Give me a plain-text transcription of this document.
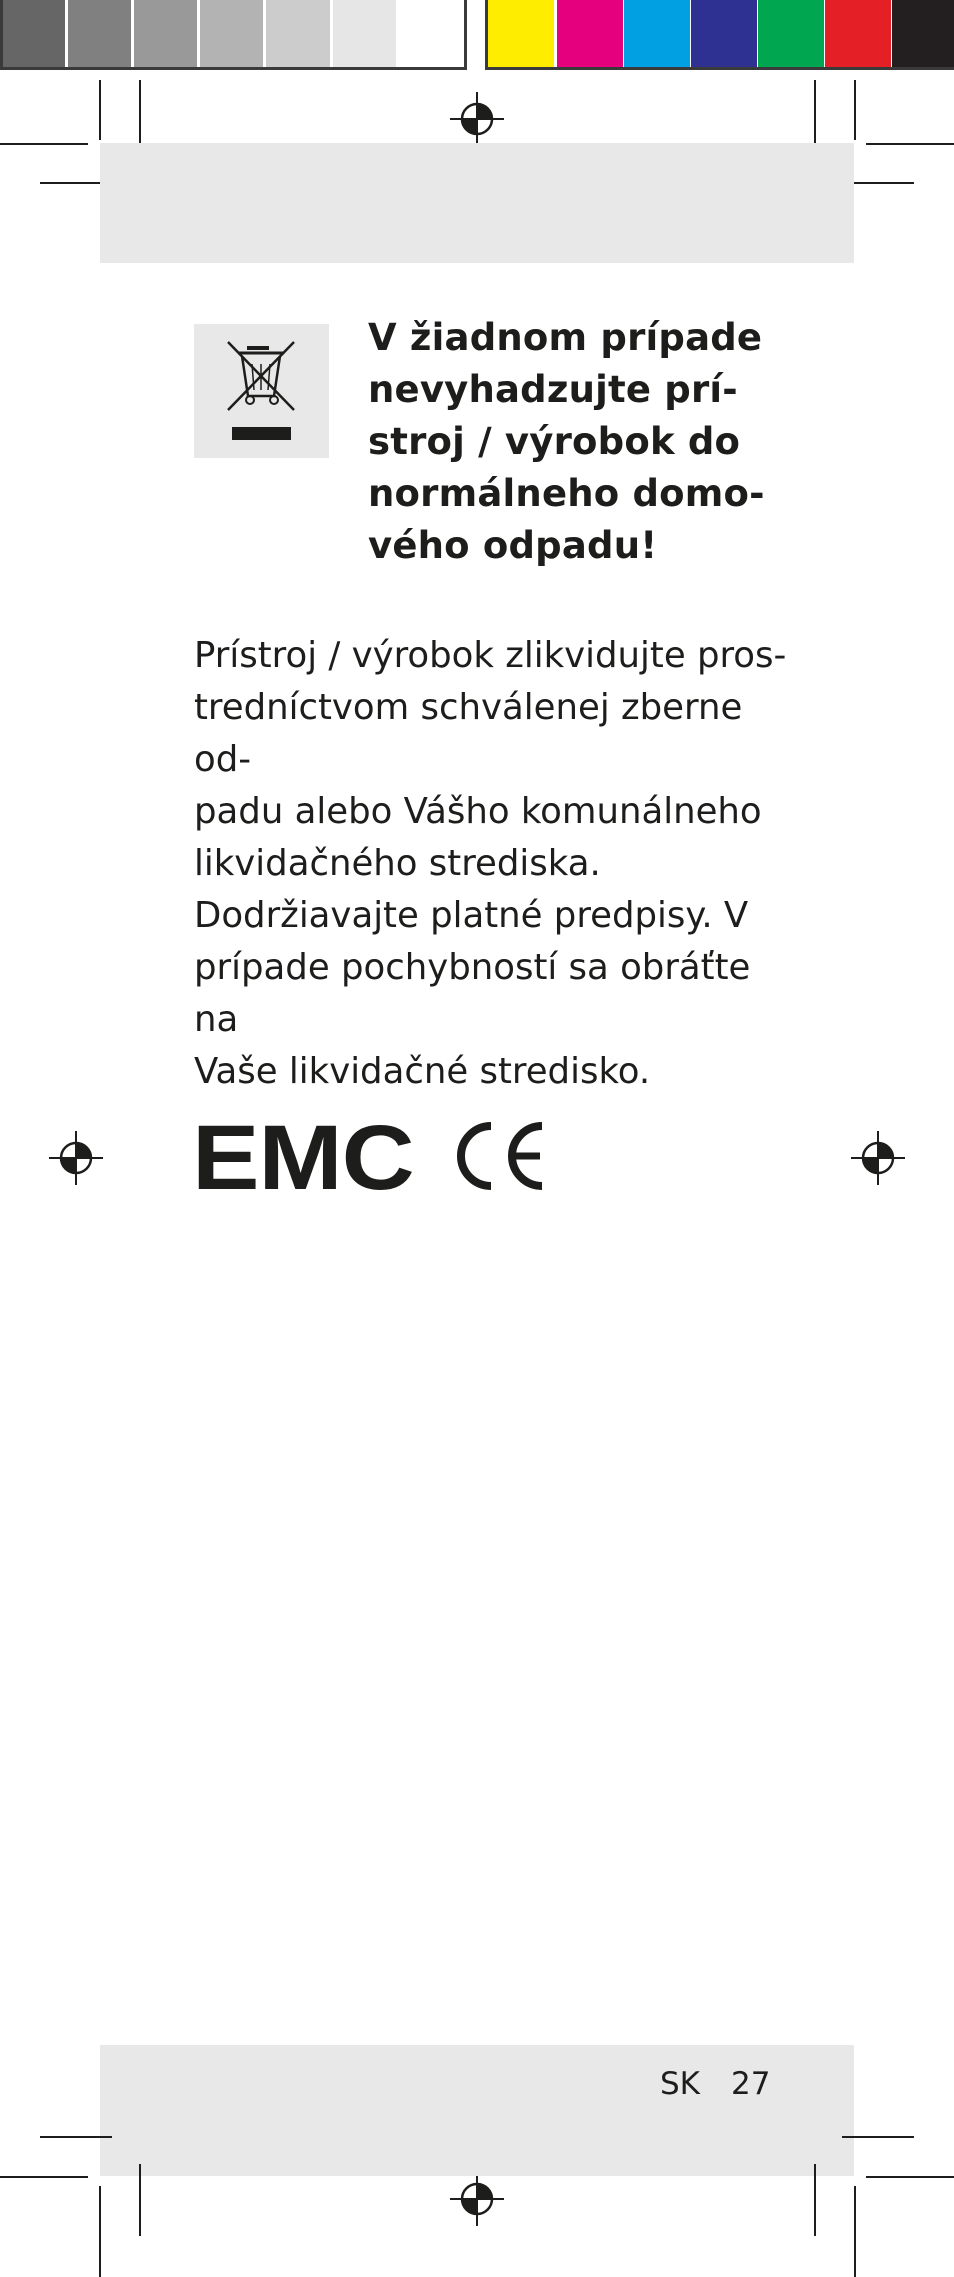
V žiadnom prípade
nevyhadzujte prí-
stroj / výrobok do
normálneho domo-
vého odpadu!
Prístroj / výrobok zlikvidujte pros-
tredníctvom schválenej zberne od-
padu alebo Vášho komunálneho
likvidačného strediska.
Dodržiavajte platné predpisy. V
prípade pochybností sa obráťte na
Vaše likvidačné stredisko.
EMC
SK 27
